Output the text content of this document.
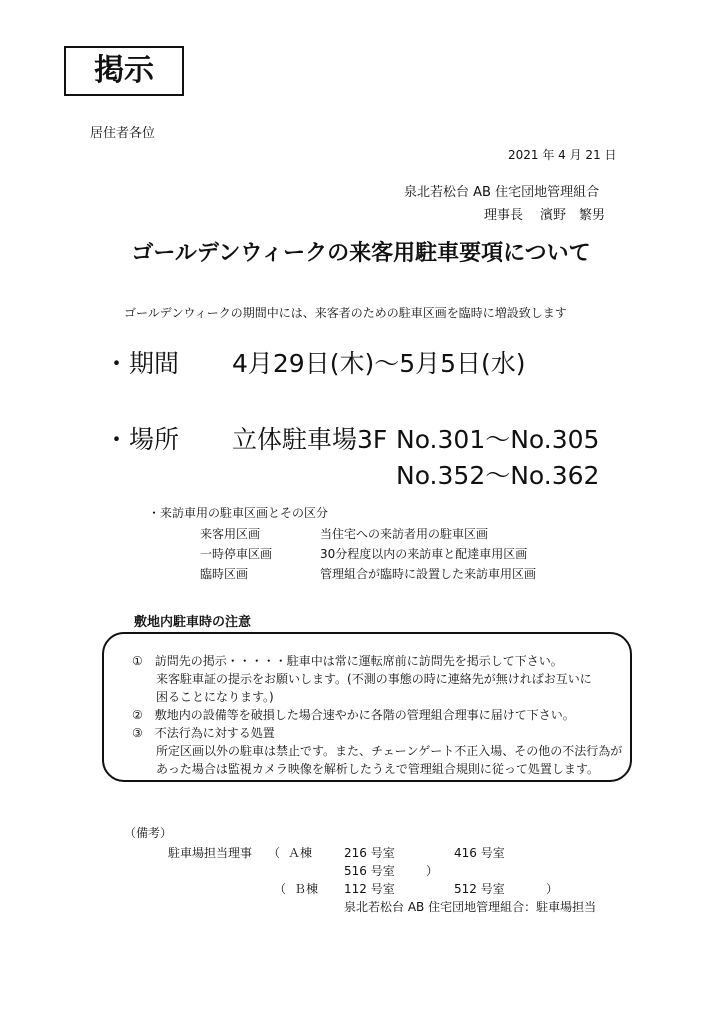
掲示
居住者各位
2021 年 4 月 21 日
泉北若松台 AB 住宅団地管理組合
理事長 濱野　繁男
ゴールデンウィークの来客用駐車要項について
ゴールデンウィークの期間中には、来客者のための駐車区画を臨時に増設致します
・期間 4月29日(木)～5月5日(水)
・場所 立体駐車場3F No.301～No.305
No.352～No.362
・来訪車用の駐車区画とその区分
来客用区画	当住宅への来訪者用の駐車区画
一時停車区画	30分程度以内の来訪車と配達車用区画
臨時区画	管理組合が臨時に設置した来訪車用区画
敷地内駐車時の注意
①　訪問先の掲示・・・・・駐車中は常に運転席前に訪問先を掲示して下さい。
来客駐車証の提示をお願いします。(不測の事態の時に連絡先が無ければお互いに
困ることになります。)
②　敷地内の設備等を破損した場合速やかに各階の管理組合理事に届けて下さい。
③　不法行為に対する処置
所定区画以外の駐車は禁止です。また、チェーンゲート不正入場、その他の不法行為が
あった場合は監視カメラ映像を解析したうえで管理組合規則に従って処置します。
（備考）
駐車場担当理事 （ Ａ棟	216 号室	416 号室
516 号室	）
（ Ｂ棟 112 号室	512 号室	）
泉北若松台 AB 住宅団地管理組合：駐車場担当
